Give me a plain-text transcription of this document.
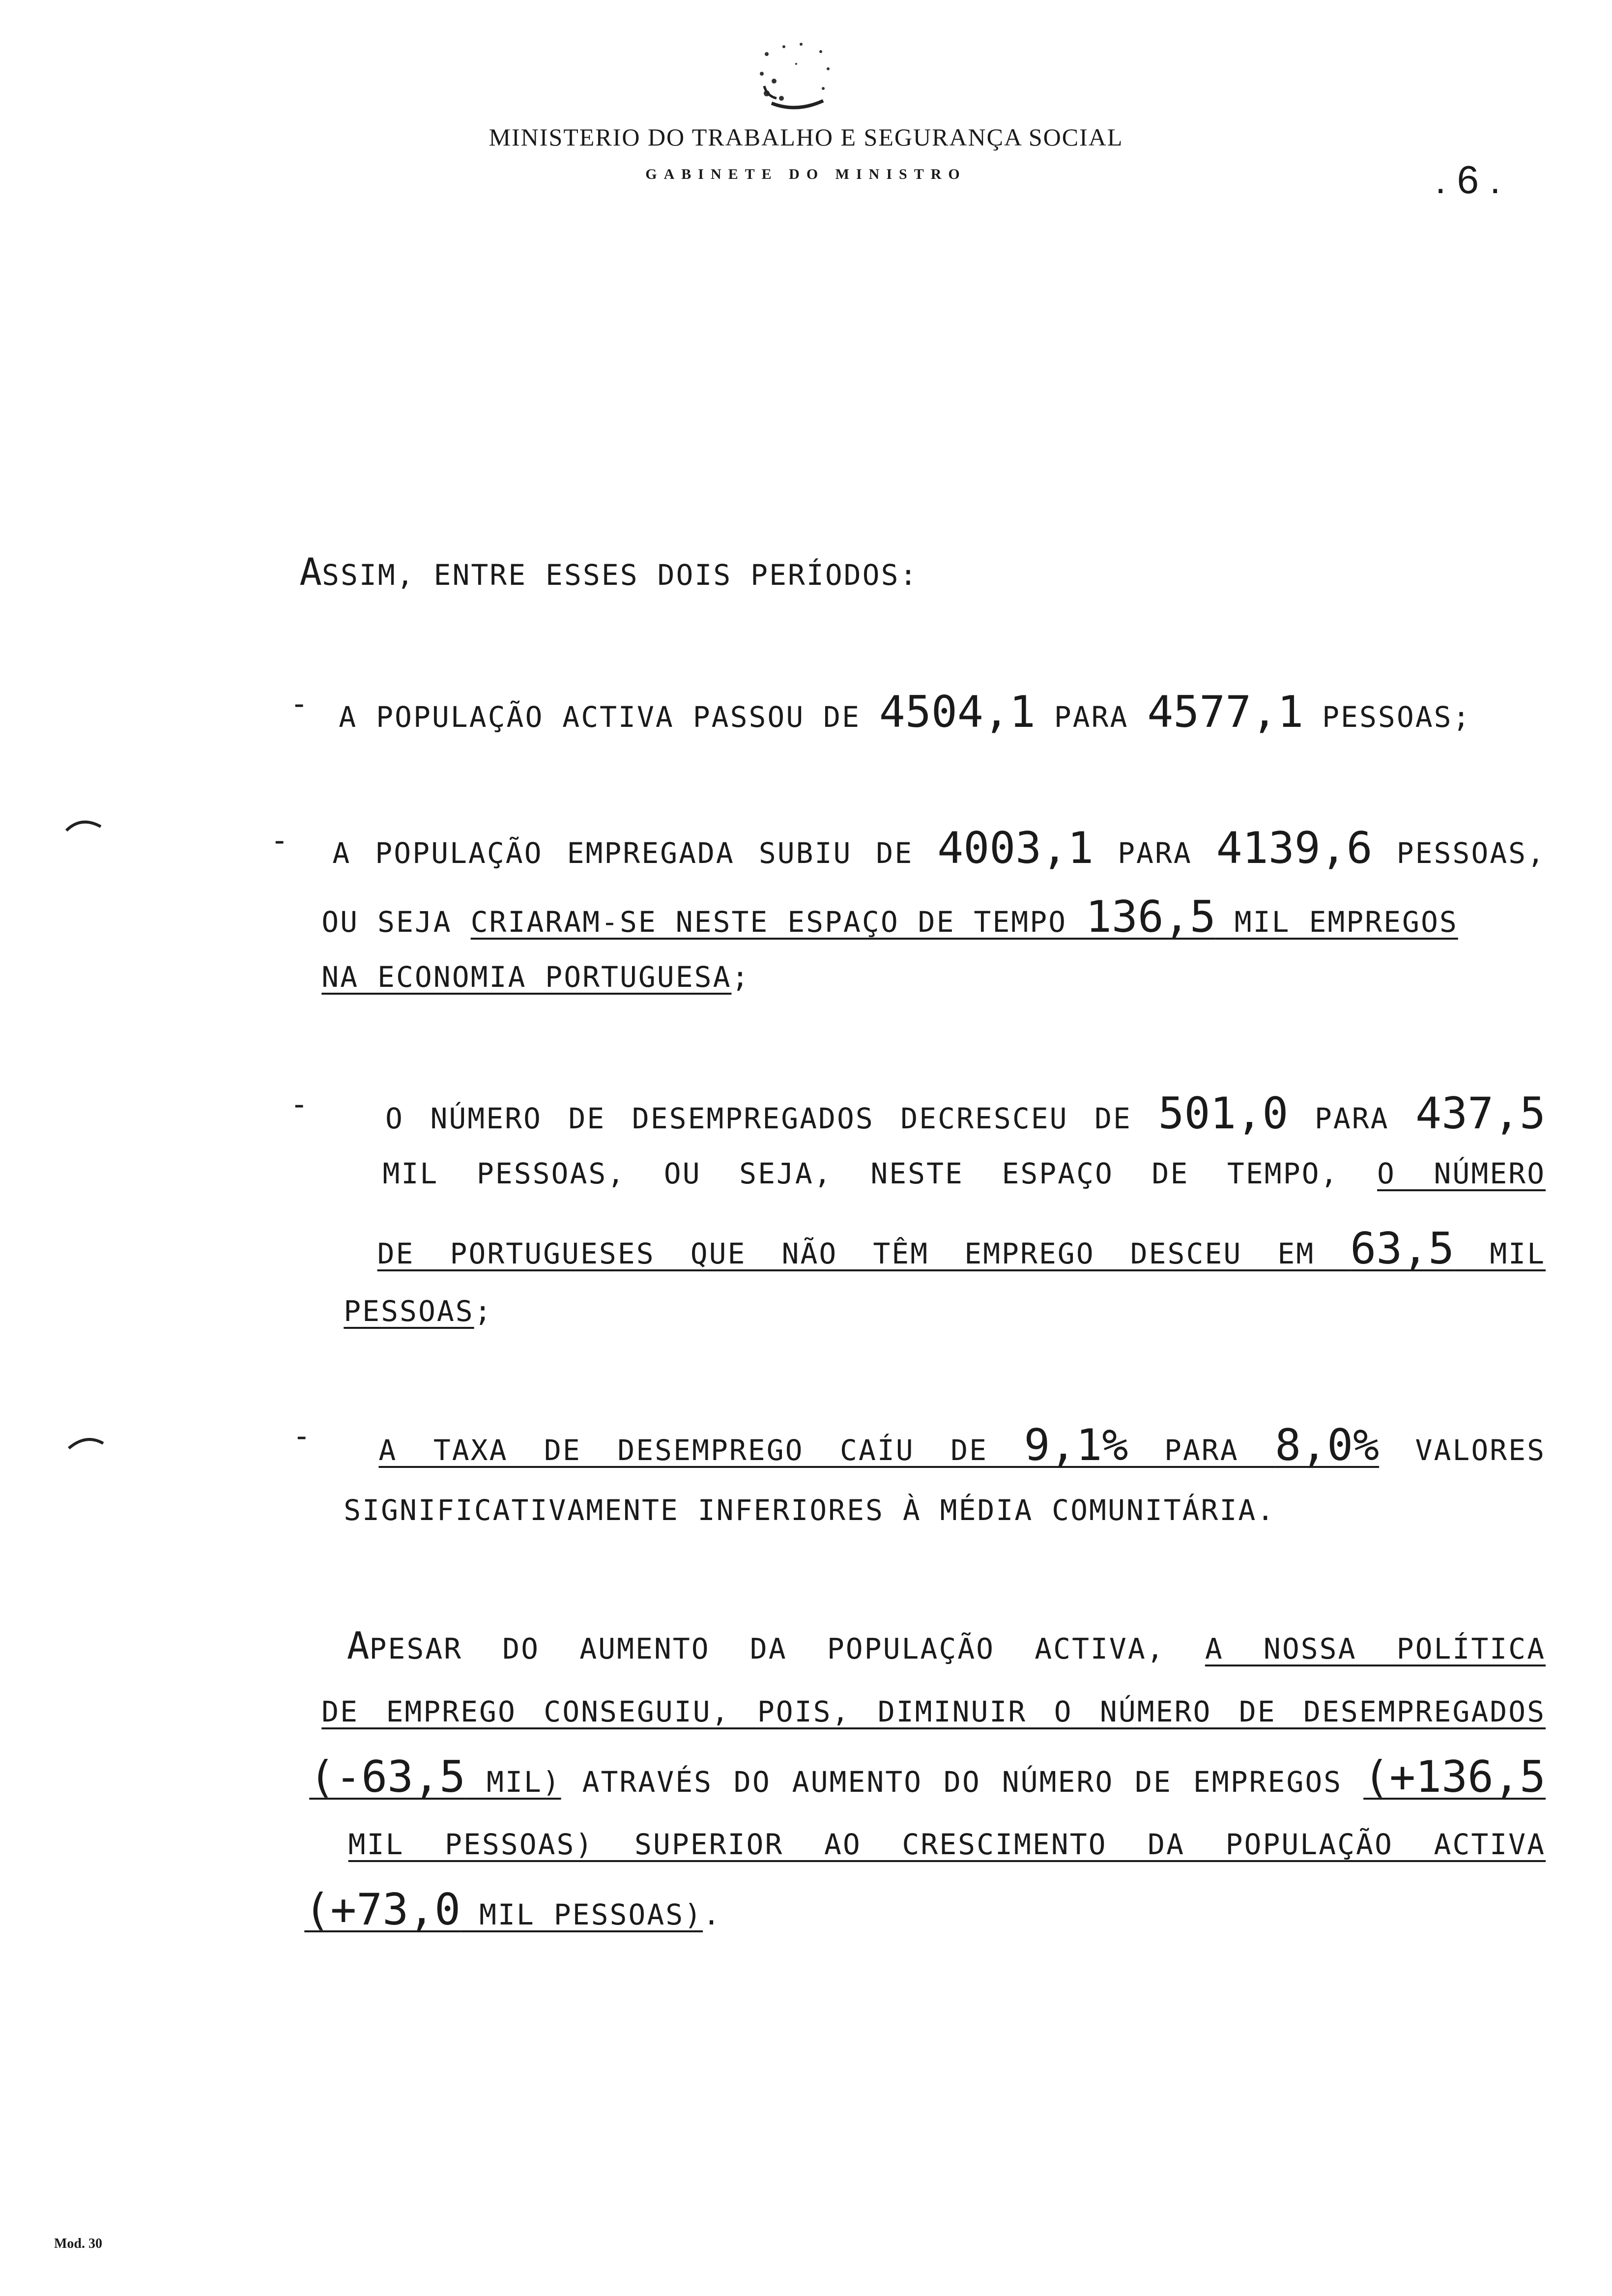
MINISTERIO DO TRABALHO E SEGURANÇA SOCIAL
GABINETE DO MINISTRO	. 6 .

ASSIM, ENTRE ESSES DOIS PERÍODOS:

-	A POPULAÇÃO ACTIVA PASSOU DE 4504,1 PARA 4577,1 PESSOAS;

-	A POPULAÇÃO EMPREGADA SUBIU DE 4003,1 PARA 4139,6 PESSOAS,

OU SEJA CRIARAM-SE NESTE ESPAÇO DE TEMPO 136,5 MIL EMPREGOS

NA ECONOMIA PORTUGUESA;

-	O NÚMERO DE DESEMPREGADOS DECRESCEU DE 501,0 PARA 437,5

MIL PESSOAS, OU SEJA, NESTE ESPAÇO DE TEMPO, O NÚMERO

DE PORTUGUESES QUE NÃO TÊM EMPREGO DESCEU EM 63,5 MIL

PESSOAS;

-	A TAXA DE DESEMPREGO CAÍU DE 9,1% PARA 8,0% VALORES

SIGNIFICATIVAMENTE INFERIORES À MÉDIA COMUNITÁRIA.

APESAR DO AUMENTO DA POPULAÇÃO ACTIVA, A NOSSA POLÍTICA

DE EMPREGO CONSEGUIU, POIS, DIMINUIR O NÚMERO DE DESEMPREGADOS

(-63,5 MIL) ATRAVÉS DO AUMENTO DO NÚMERO DE EMPREGOS (+136,5

MIL PESSOAS) SUPERIOR AO CRESCIMENTO DA POPULAÇÃO ACTIVA

(+73,0 MIL PESSOAS).

Mod. 30
